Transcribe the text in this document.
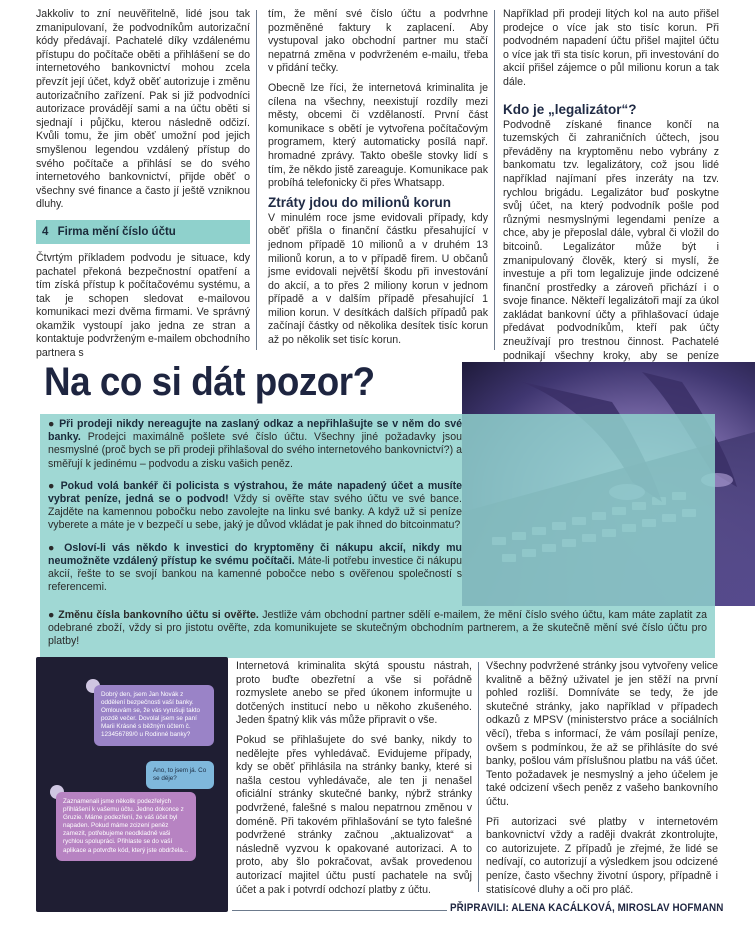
Jakkoliv to zní neuvěřitelně, lidé jsou tak zmanipulovaní, že podvodníkům autorizační kódy předávají. Pachatelé díky vzdálenému přístupu do počítače oběti a přihlášení se do internetového bankovnictví mohou zcela převzít její účet, když oběť autorizuje i změnu autorizačního zařízení. Pak si již podvodníci autorizace provádějí sami a na účtu oběti si sjednají i půjčku, kterou následně odčizí. Kvůli tomu, že jim oběť umožní pod jejich smyšlenou legendou vzdálený přístup do svého počítače a přihlásí se do svého internetového bankovnictví, přijde oběť o všechny své finance a často jí ještě vzniknou dluhy.

4 Firma mění číslo účtu

Čtvrtým příkladem podvodu je situace, kdy pachatel překoná bezpečnostní opatření a tím získá přístup k počítačovému systému, a tak je schopen sledovat e-mailovou komunikaci mezi dvěma firmami. Ve správný okamžik vystoupí jako jedna ze stran a kontaktuje podvrženým e-mailem obchodního partnera s

tím, že mění své číslo účtu a podvrhne pozměněné faktury k zaplacení. Aby vystupoval jako obchodní partner mu stačí nepatrná změna v podvrženém e-mailu, třeba v přidání tečky.

Obecně lze říci, že internetová kriminalita je cílena na všechny, neexistují rozdíly mezi městy, obcemi či vzdělaností. První část komunikace s obětí je vytvořena počítačovým programem, který automaticky posílá např. hromadné zprávy. Takto obešle stovky lidí s tím, že někdo jistě zareaguje. Komunikace pak probíhá telefonicky či přes Whatsapp.

Ztráty jdou do milionů korun

V minulém roce jsme evidovali případy, kdy oběť přišla o finanční částku přesahující v jednom případě 10 milionů a v druhém 13 milionů korun, a to v případě firem. U občanů jsme evidovali největší škodu při investování do akcií, a to přes 2 miliony korun v jednom případě a v dalším případě přesahující 1 milion korun. V desítkách dalších případů pak začínají částky od několika desítek tisíc korun až po několik set tisíc korun.

Například při prodeji litých kol na auto přišel prodejce o více jak sto tisíc korun. Při podvodném napadení účtu přišel majitel účtu o více jak tři sta tisíc korun, při investování do akcií přišel zájemce o půl milionu korun a tak dále.

Kdo je „legalizátor“?

Podvodně získané finance končí na tuzemských či zahraničních účtech, jsou převáděny na kryptoměnu nebo vybrány z bankomatu tzv. legalizátory, což jsou lidé například najímaní přes inzeráty na tzv. rychlou brigádu. Legalizátor buď poskytne svůj účet, na který podvodník pošle pod různými nesmyslnými legendami peníze a chce, aby je přeposlal dále, vybral či vložil do bitcoinů. Legalizátor může být i zmanipulovaný člověk, který si myslí, že investuje a při tom legalizuje jinde odcizené finanční prostředky a zároveň přichází i o svoje finance. Někteří legalizátoři mají za úkol zakládat bankovní účty a přihlašovací údaje předávat podvodníkům, kteří pak účty zneužívají pro trestnou činnost. Pachatelé podnikají všechny kroky, aby se peníze

Na co si dát pozor?
● Při prodeji nikdy nereagujte na zaslaný odkaz a nepřihlašujte se v něm do své banky. Prodejci maximálně pošlete své číslo účtu. Všechny jiné požadavky jsou nesmyslné (proč bych se při prodeji přihlašoval do svého internetového bankovnictví?) a směřují k jedinému – podvodu a zisku vašich peněz.
● Pokud volá bankéř či policista s výstrahou, že máte napadený účet a musíte vybrat peníze, jedná se o podvod! Vždy si ověřte stav svého účtu ve své bance. Zajděte na kamennou pobočku nebo zavolejte na linku své banky. A když už si peníze vyberete a máte je v bezpečí u sebe, jaký je důvod vkládat je pak ihned do bitcoinmatu?
● Osloví-li vás někdo k investici do kryptoměny či nákupu akcií, nikdy mu neumožněte vzdálený přístup ke svému počítači. Máte-li potřebu investice či nákupu akcií, řešte to se svojí bankou na kamenné pobočce nebo s ověřenou společností s referencemi.
● Změnu čísla bankovního účtu si ověřte. Jestliže vám obchodní partner sdělí e-mailem, že mění číslo svého účtu, kam máte zaplatit za odebrané zboží, vždy si pro jistotu ověřte, zda komunikujete se skutečným obchodním partnerem, a že skutečně mění své číslo účtu pro platby!
Dobrý den, jsem Jan Novák z oddělení bezpečnosti vaší banky. Omlouvám se, že vás vyrušuji takto pozdě večer. Dovolal jsem se paní Marii Krásné s běžným účtem č. 123456789/0 u Rodinné banky?
Ano, to jsem já. Co se děje?
Zaznamenali jsme několik podezřelých přihlášení k vašemu účtu. Jedno dokonce z Gruzie. Máme podezření, že váš účet byl napaden. Pokud máme zcizení peněz zamezit, potřebujeme neodkladně vaši rychlou spolupráci. Přihlaste se do vaší aplikace a potvrďte kód, který jste obdržela...

Internetová kriminalita skýtá spoustu nástrah, proto buďte obezřetní a vše si pořádně rozmyslete anebo se před úkonem informujte u dotčených institucí nebo u někoho zkušeného. Jeden špatný klik vás může připravit o vše.

Pokud se přihlašujete do své banky, nikdy to nedělejte přes vyhledávač. Evidujeme případy, kdy se oběť přihlásila na stránky banky, které si našla cestou vyhledávače, ale ten ji nenašel oficiální stránky skutečné banky, nýbrž stránky podvržené, falešné s malou nepatrnou změnou v doméně. Při takovém přihlašování se tyto falešné podvržené stránky začnou „aktualizovat“ a následně vyzvou k opakované autorizaci. A to proto, aby šlo pokračovat, avšak provedenou autorizací majitel účtu pustí pachatele na svůj účet a pak i potvrdí odchozí platby z účtu.

Všechny podvržené stránky jsou vytvořeny velice kvalitně a běžný uživatel je jen stěží na první pohled rozliší. Domníváte se tedy, že jde skutečné stránky, jako například v případech odkazů z MPSV (ministerstvo práce a sociálních věcí), třeba s informací, že vám posílají peníze, ovšem s podmínkou, že až se přihlásíte do své banky, pošlou vám příslušnou platbu na váš účet. Tento požadavek je nesmyslný a jeho účelem je také odcizení všech peněz z vašeho bankovního účtu.

Při autorizaci své platby v internetovém bankovnictví vždy a raději dvakrát zkontrolujte, co autorizujete. Z případů je zřejmé, že lidé se nedívají, co autorizují a výsledkem jsou odcizené peníze, často všechny životní úspory, případně i statisícové dluhy a oči pro pláč.

PŘIPRAVILI: ALENA KACÁLKOVÁ, MIROSLAV HOFMANN
